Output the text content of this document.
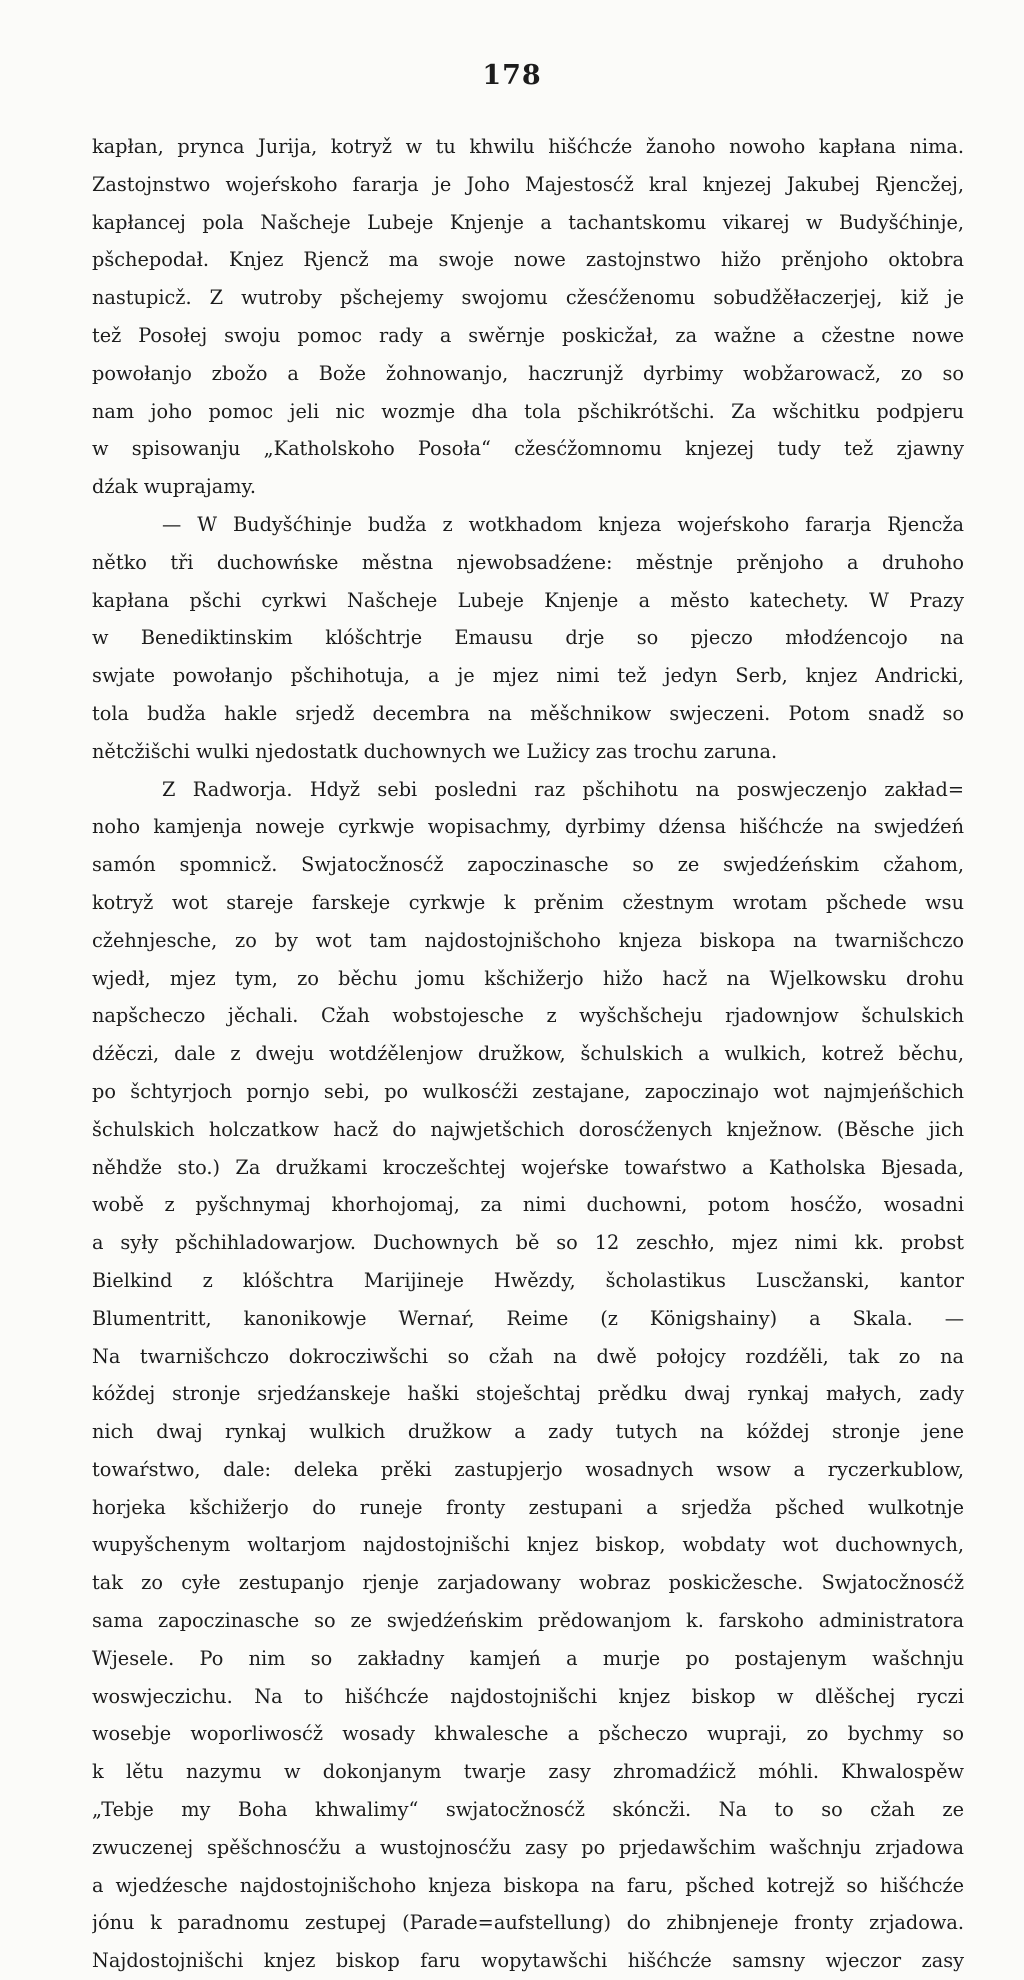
178
kapłan, prynca Jurija, kotryž w tu khwilu hišćhcźe žanoho nowoho kapłana nima.
Zastojnstwo wojeŕskoho fararja je Joho Majestosćž kral knjezej Jakubej Rjencžej,
kapłancej pola Našcheje Lubeje Knjenje a tachantskomu vikarej w Budyšćhinje,
pšchepodał. Knjez Rjencž ma swoje nowe zastojnstwo hižo prěnjoho oktobra
nastupicž. Z wutroby pšchejemy swojomu cžesćženomu sobudžěłaczerjej, kiž je
tež Posołej swoju pomoc rady a swěrnje poskicžał, za wažne a cžestne nowe
powołanjo zbožo a Bože žohnowanjo, haczrunjž dyrbimy wobžarowacž, zo so
nam joho pomoc jeli nic wozmje dha tola pšchikrótšchi. Za wšchitku podpjeru
w spisowanju „Katholskoho Posoła“ cžesćžomnomu knjezej tudy tež zjawny
dźak wuprajamy.
— W Budyšćhinje budža z wotkhadom knjeza wojeŕskoho fararja Rjencža
nětko tři duchowńske městna njewobsadźene: městnje prěnjoho a druhoho
kapłana pšchi cyrkwi Našcheje Lubeje Knjenje a město katechety. W Prazy
w Benediktinskim klóšchtrje Emausu drje so pjeczo młodźencojo na
swjate powołanjo pšchihotuja, a je mjez nimi tež jedyn Serb, knjez Andricki,
tola budža hakle srjedž decembra na měšchnikow swjeczeni. Potom snadž so
nětcžišchi wulki njedostatk duchownych we Lužicy zas trochu zaruna.
Z Radworja. Hdyž sebi posledni raz pšchihotu na poswjeczenjo zakład=
noho kamjenja noweje cyrkwje wopisachmy, dyrbimy dźensa hišćhcźe na swjedźeń
samón spomnicž. Swjatocžnosćž zapoczinasche so ze swjedźeńskim cžahom,
kotryž wot stareje farskeje cyrkwje k prěnim cžestnym wrotam pšchede wsu
cžehnjesche, zo by wot tam najdostojnišchoho knjeza biskopa na twarnišchczo
wjedł, mjez tym, zo běchu jomu kšchižerjo hižo hacž na Wjelkowsku drohu
napšcheczo jěchali. Cžah wobstojesche z wyšchšcheju rjadownjow šchulskich
dźěczi, dale z dweju wotdźělenjow družkow, šchulskich a wulkich, kotrež běchu,
po šchtyrjoch pornjo sebi, po wulkosćži zestajane, zapoczinajo wot najmjeńšchich
šchulskich holczatkow hacž do najwjetšchich dorosćženych knježnow. (Běsche jich
něhdže sto.) Za družkami kroczešchtej wojeŕske towaŕstwo a Katholska Bjesada,
wobě z pyšchnymaj khorhojomaj, za nimi duchowni, potom hosćžo, wosadni
a syły pšchihladowarjow. Duchownych bě so 12 zeschło, mjez nimi kk. probst
Bielkind z klóšchtra Marijineje Hwězdy, šcholastikus Luscžanski, kantor
Blumentritt, kanonikowje Wernaŕ, Reime (z Königshainy) a Skala. —
Na twarnišchczo dokrocziwšchi so cžah na dwě połojcy rozdźěli, tak zo na
kóždej stronje srjedźanskeje haški stoješchtaj prědku dwaj rynkaj małych, zady
nich dwaj rynkaj wulkich družkow a zady tutych na kóždej stronje jene
towaŕstwo, dale: deleka prěki zastupjerjo wosadnych wsow a ryczerkublow,
horjeka kšchižerjo do runeje fronty zestupani a srjedža pšched wulkotnje
wupyšchenym woltarjom najdostojnišchi knjez biskop, wobdaty wot duchownych,
tak zo cyłe zestupanjo rjenje zarjadowany wobraz poskicžesche. Swjatocžnosćž
sama zapoczinasche so ze swjedźeńskim prědowanjom k. farskoho administratora
Wjesele. Po nim so zakładny kamjeń a murje po postajenym wašchnju
woswjeczichu. Na to hišćhcźe najdostojnišchi knjez biskop w dlěšchej ryczi
wosebje woporliwosćž wosady khwalesche a pšcheczo wupraji, zo bychmy so
k lětu nazymu w dokonjanym twarje zasy zhromadźicž móhli. Khwalospěw
„Tebje my Boha khwalimy“ swjatocžnosćž skóncži. Na to so cžah ze
zwuczenej spěšchnosćžu a wustojnosćžu zasy po prjedawšchim wašchnju zrjadowa
a wjedźesche najdostojnišchoho knjeza biskopa na faru, pšched kotrejž so hišćhcźe
jónu k paradnomu zestupej (Parade=aufstellung) do zhibnjeneje fronty zrjadowa.
Najdostojnišchi knjez biskop faru wopytawšchi hišćhcźe samsny wjeczor zasy
